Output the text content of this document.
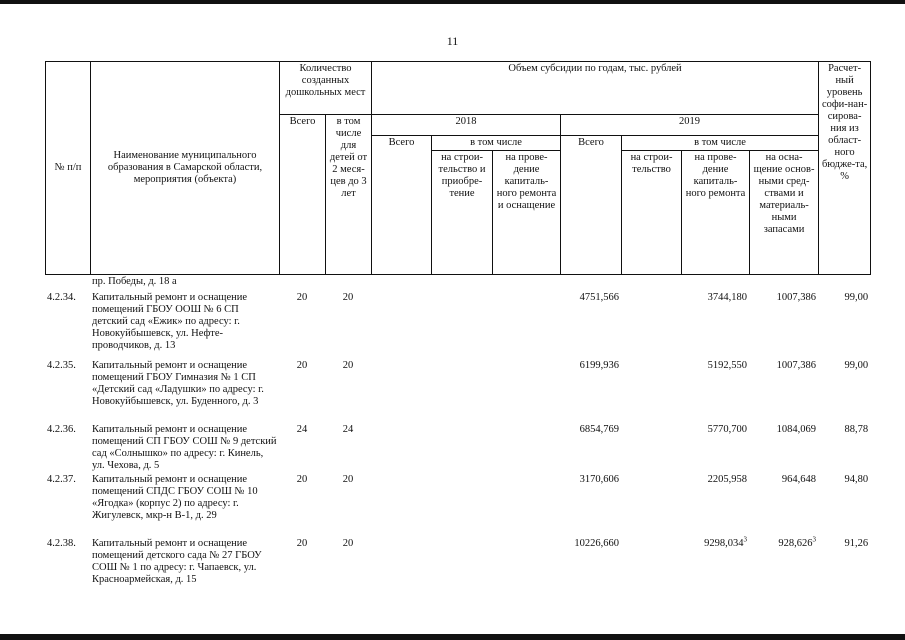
11
№ п/п	Наименование муниципального образования в Самарской области, мероприятия (объекта)	Количество созданных дошкольных мест		Объем субсидии по годам, тыс. рублей							Расчет-ный уровень софи-нан-сирова-ния из област-ного бюдже-та, %
		Всего	в том числе для детей от 2 меся-цев до 3 лет	2018			2019				
				Всего	в том числе		Всего	в том числе			
					на строи-тельство и приобре-тение	на прове-дение капиталь-ного ремонта и оснащение		на строи-тельство	на прове-дение капиталь-ного ремонта	на осна-щение основ-ными сред-ствами и материаль-ными запасами	
	пр. Победы, д. 18 а										
4.2.34.	Капитальный ремонт и оснащение помещений ГБОУ ООШ № 6 СП детский сад «Ежик» по адресу: г. Новокуйбышевск, ул. Нефте-проводчиков, д. 13	20	20				4751,566		3744,180	1007,386	99,00
4.2.35.	Капитальный ремонт и оснащение помещений ГБОУ Гимназия № 1 СП «Детский сад «Ладушки» по адресу: г. Новокуйбышевск, ул. Буденного, д. 3	20	20				6199,936		5192,550	1007,386	99,00
4.2.36.	Капитальный ремонт и оснащение помещений СП ГБОУ СОШ № 9 детский сад «Солнышко» по адресу: г. Кинель, ул. Чехова, д. 5	24	24				6854,769		5770,700	1084,069	88,78
4.2.37.	Капитальный ремонт и оснащение помещений СПДС ГБОУ СОШ № 10 «Ягодка» (корпус 2) по адресу: г. Жигулевск, мкр-н В-1, д. 29	20	20				3170,606		2205,958	964,648	94,80
4.2.38.	Капитальный ремонт и оснащение помещений детского сада № 27 ГБОУ СОШ № 1 по адресу: г. Чапаевск, ул. Красноармейская, д. 15	20	20				10226,660		9298,034$^3$	928,626$^3$	91,26
